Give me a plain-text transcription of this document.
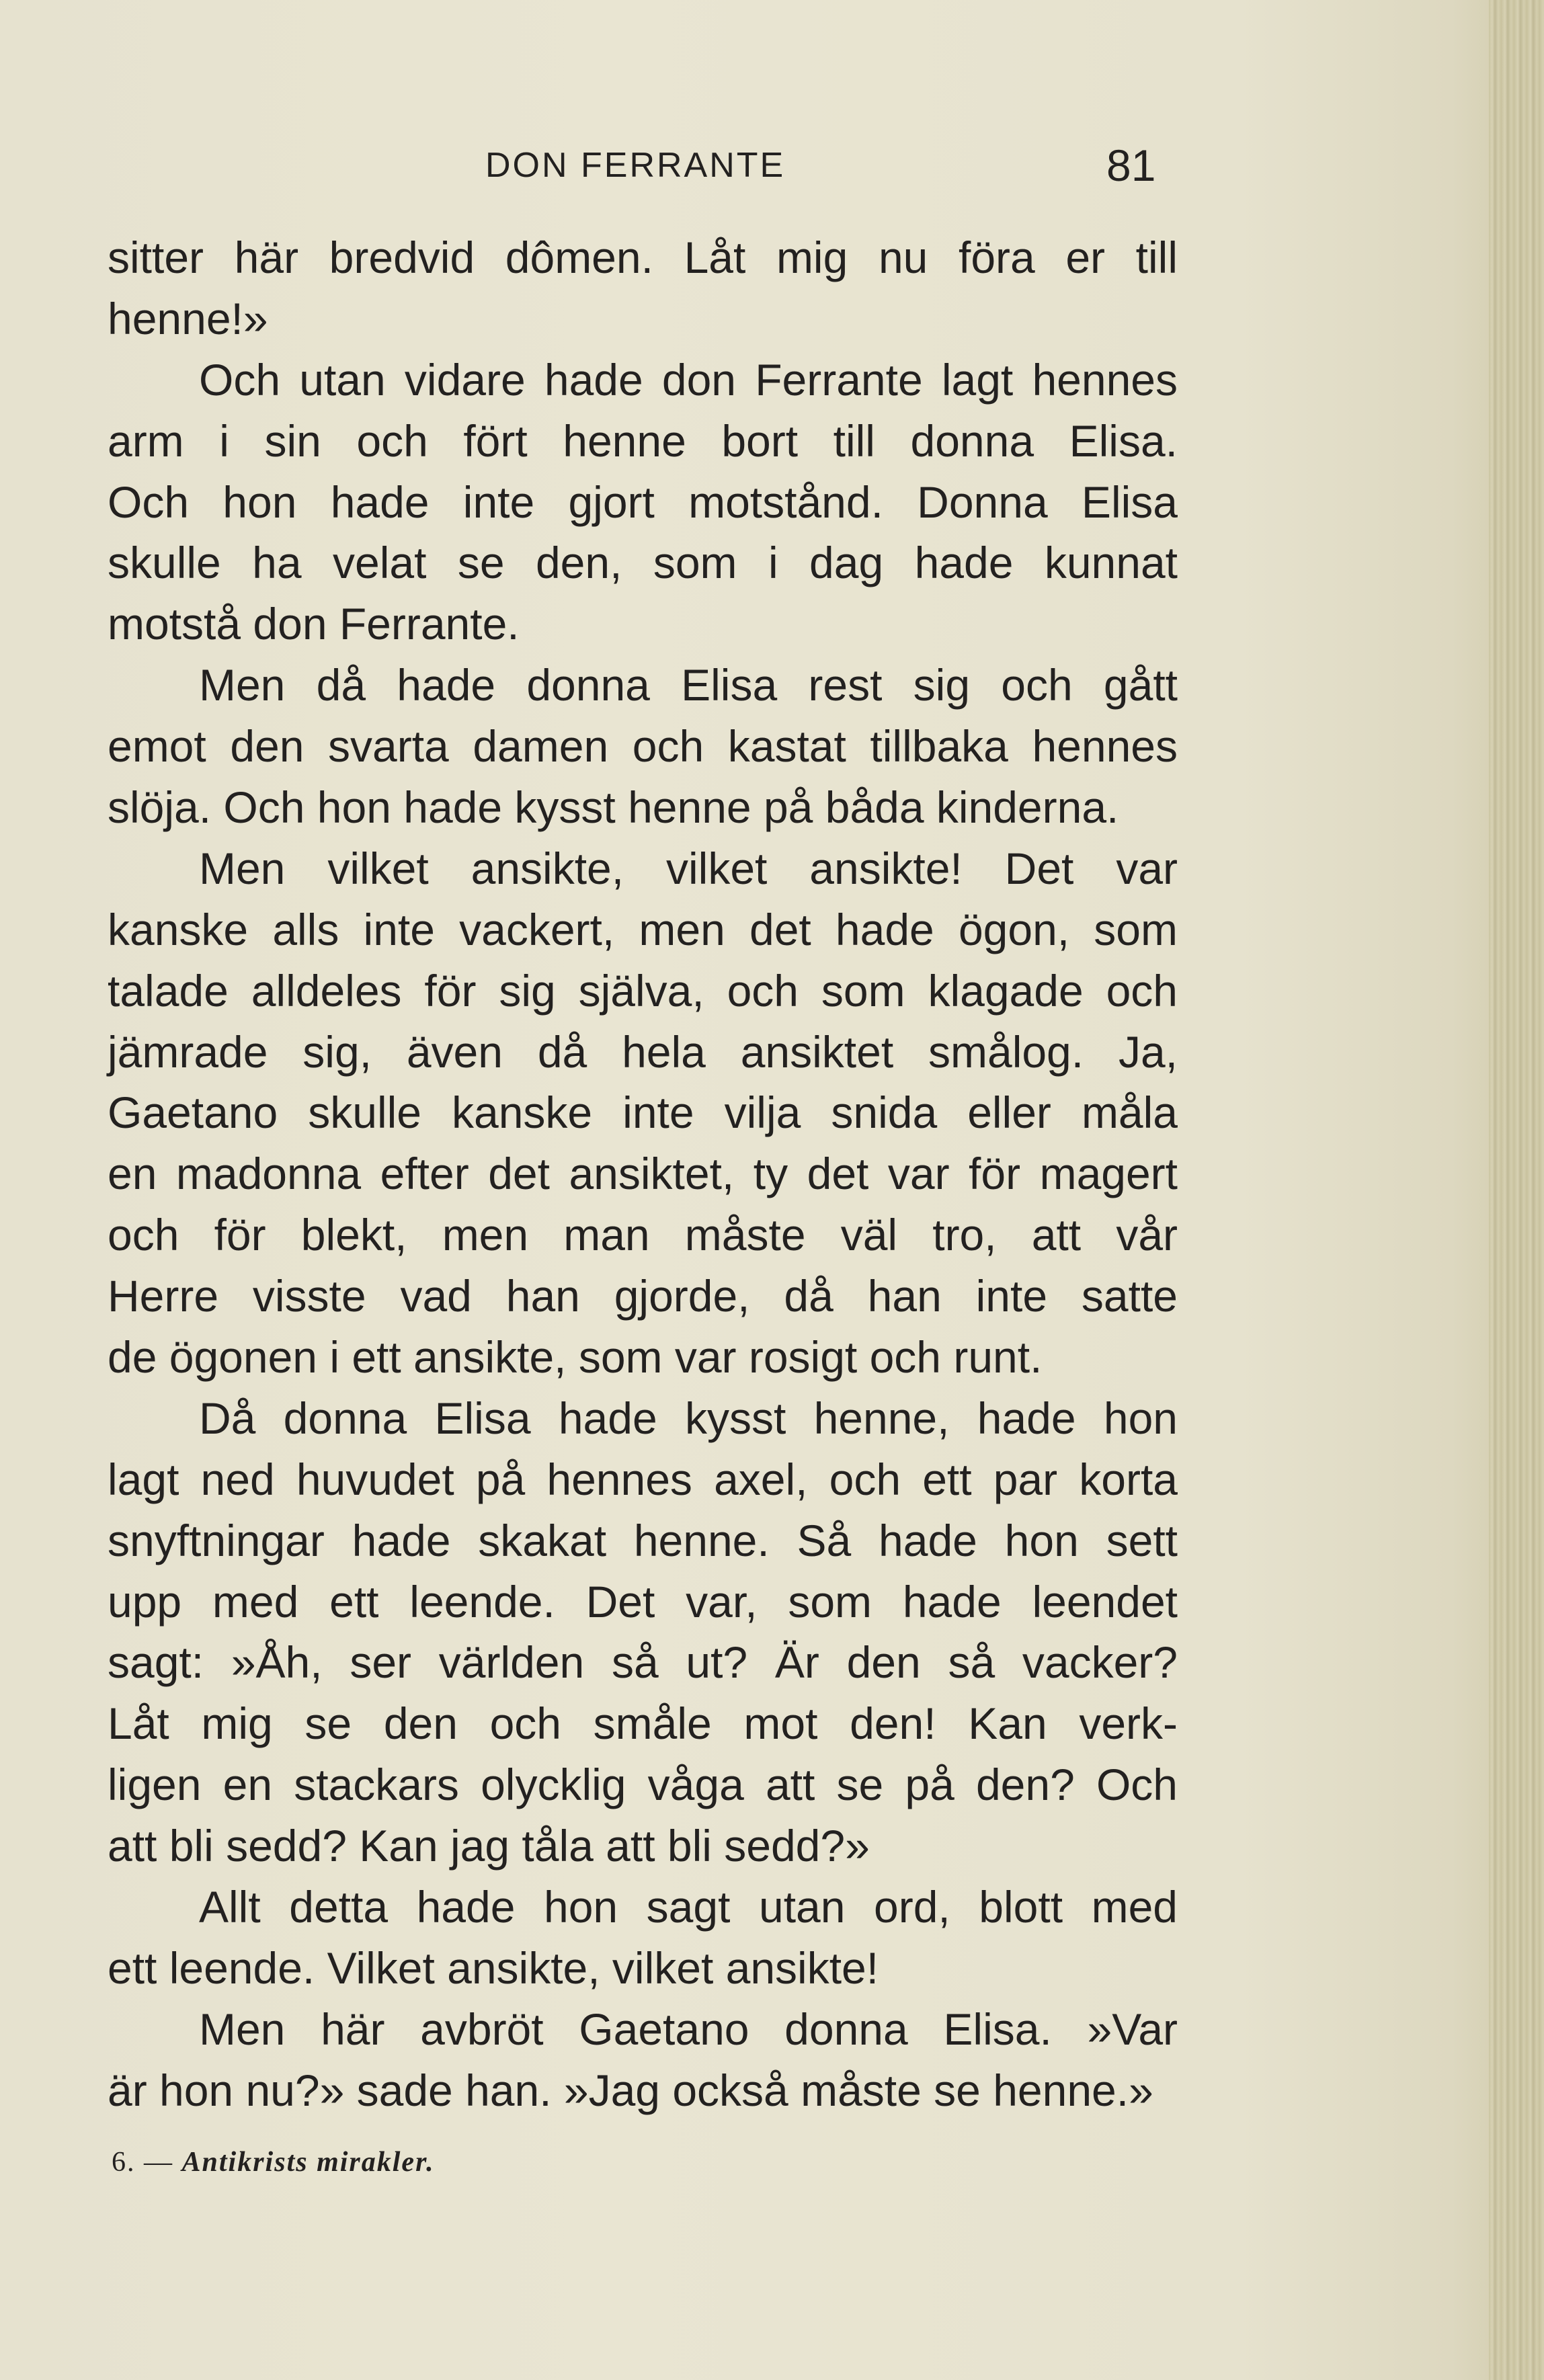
DON FERRANTE	81
sitter här bredvid dômen. Låt mig nu föra er till
henne!»
Och utan vidare hade don Ferrante lagt hennes
arm i sin och fört henne bort till donna Elisa.
Och hon hade inte gjort motstånd. Donna Elisa
skulle ha velat se den, som i dag hade kunnat
motstå don Ferrante.
Men då hade donna Elisa rest sig och gått
emot den svarta damen och kastat tillbaka hennes
slöja. Och hon hade kysst henne på båda kinderna.
Men vilket ansikte, vilket ansikte! Det var
kanske alls inte vackert, men det hade ögon, som
talade alldeles för sig själva, och som klagade och
jämrade sig, även då hela ansiktet smålog. Ja,
Gaetano skulle kanske inte vilja snida eller måla
en madonna efter det ansiktet, ty det var för magert
och för blekt, men man måste väl tro, att vår
Herre visste vad han gjorde, då han inte satte
de ögonen i ett ansikte, som var rosigt och runt.
Då donna Elisa hade kysst henne, hade hon
lagt ned huvudet på hennes axel, och ett par korta
snyftningar hade skakat henne. Så hade hon sett
upp med ett leende. Det var, som hade leendet
sagt: »Åh, ser världen så ut? Är den så vacker?
Låt mig se den och småle mot den! Kan verk-
ligen en stackars olycklig våga att se på den? Och
att bli sedd? Kan jag tåla att bli sedd?»
Allt detta hade hon sagt utan ord, blott med
ett leende. Vilket ansikte, vilket ansikte!
Men här avbröt Gaetano donna Elisa. »Var
är hon nu?» sade han. »Jag också måste se henne.»
6. — Antikrists mirakler.
